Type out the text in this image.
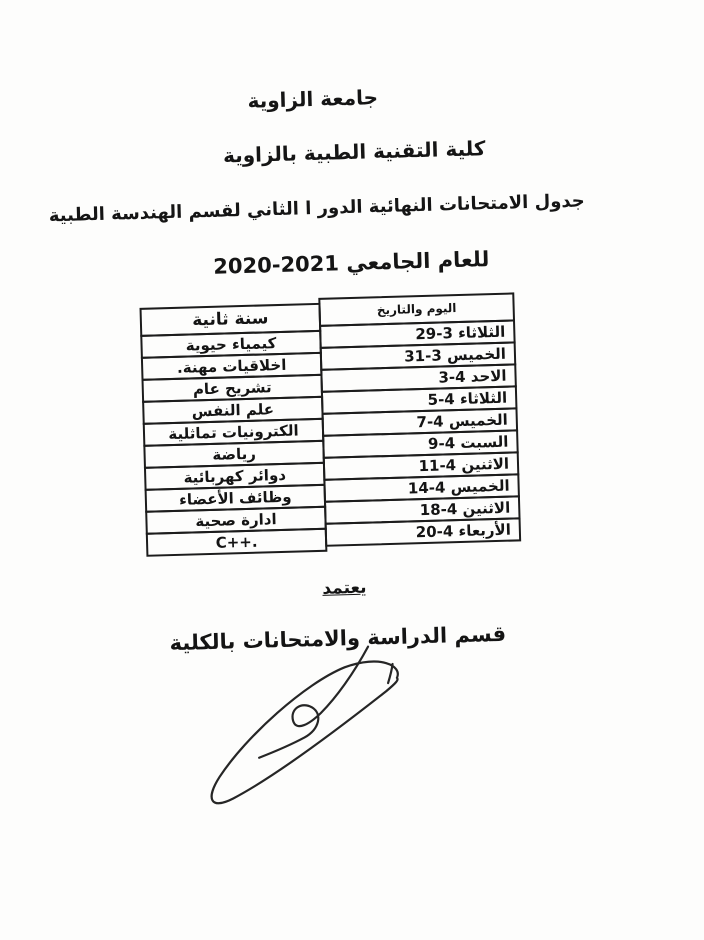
جامعة الزاوية
كلية التقنية الطبية بالزاوية
جدول الامتحانات النهائية الدور ا الثاني لقسم الهندسة الطبية
للعام الجامعي 2021-2020
اليوم والتاريخ
الثلاثاء 3-29
الخميس 3-31
الاحد 4-3
الثلاثاء 4-5
الخميس 4-7
السبت 4-9
الاثنين 4-11
الخميس 4-14
الاثنين 4-18
الأربعاء 4-20
سنة ثانية
كيمياء حيوية
اخلاقيات مهنة.
تشريح عام
علم النفس
الكترونيات تماثلية
رياضة
دوائر كهربائية
وظائف الأعضاء
ادارة صحية
C++.
يعتمد
قسم الدراسة والامتحانات بالكلية
